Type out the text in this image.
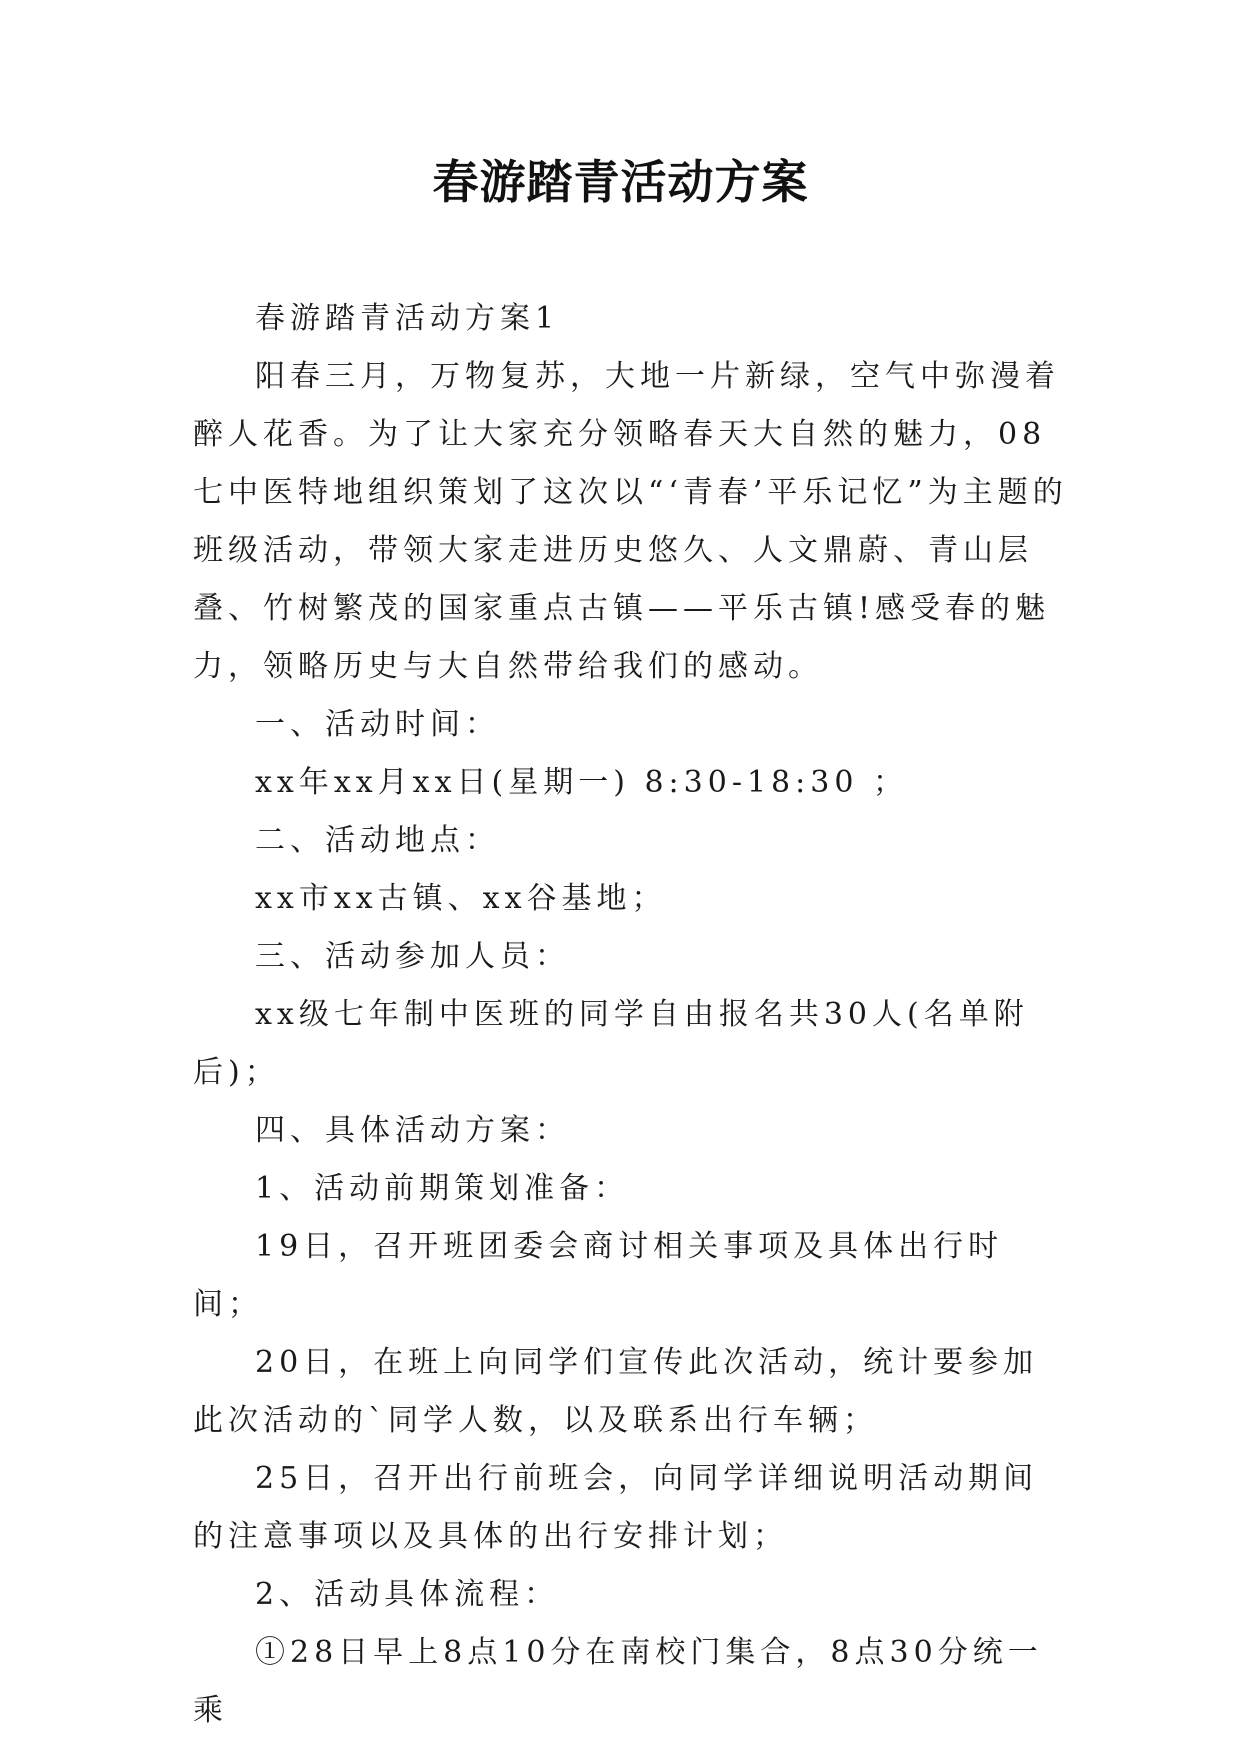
春游踏青活动方案

春游踏青活动方案1

阳春三月，万物复苏，大地一片新绿，空气中弥漫着醉人花香。为了让大家充分领略春天大自然的魅力，08七中医特地组织策划了这次以“‘青春’平乐记忆”为主题的班级活动，带领大家走进历史悠久、人文鼎蔚、青山层叠、竹树繁茂的国家重点古镇——平乐古镇!感受春的魅力，领略历史与大自然带给我们的感动。

一、活动时间：

xx年xx月xx日(星期一) 8:30-18:30 ；

二、活动地点：

xx市xx古镇、xx谷基地；

三、活动参加人员：

xx级七年制中医班的同学自由报名共30人(名单附后)；

四、具体活动方案：

1、活动前期策划准备：

19日，召开班团委会商讨相关事项及具体出行时间；

20日，在班上向同学们宣传此次活动，统计要参加此次活动的`同学人数，以及联系出行车辆；

25日，召开出行前班会，向同学详细说明活动期间的注意事项以及具体的出行安排计划；

2、活动具体流程：

①28日早上8点10分在南校门集合，8点30分统一乘
